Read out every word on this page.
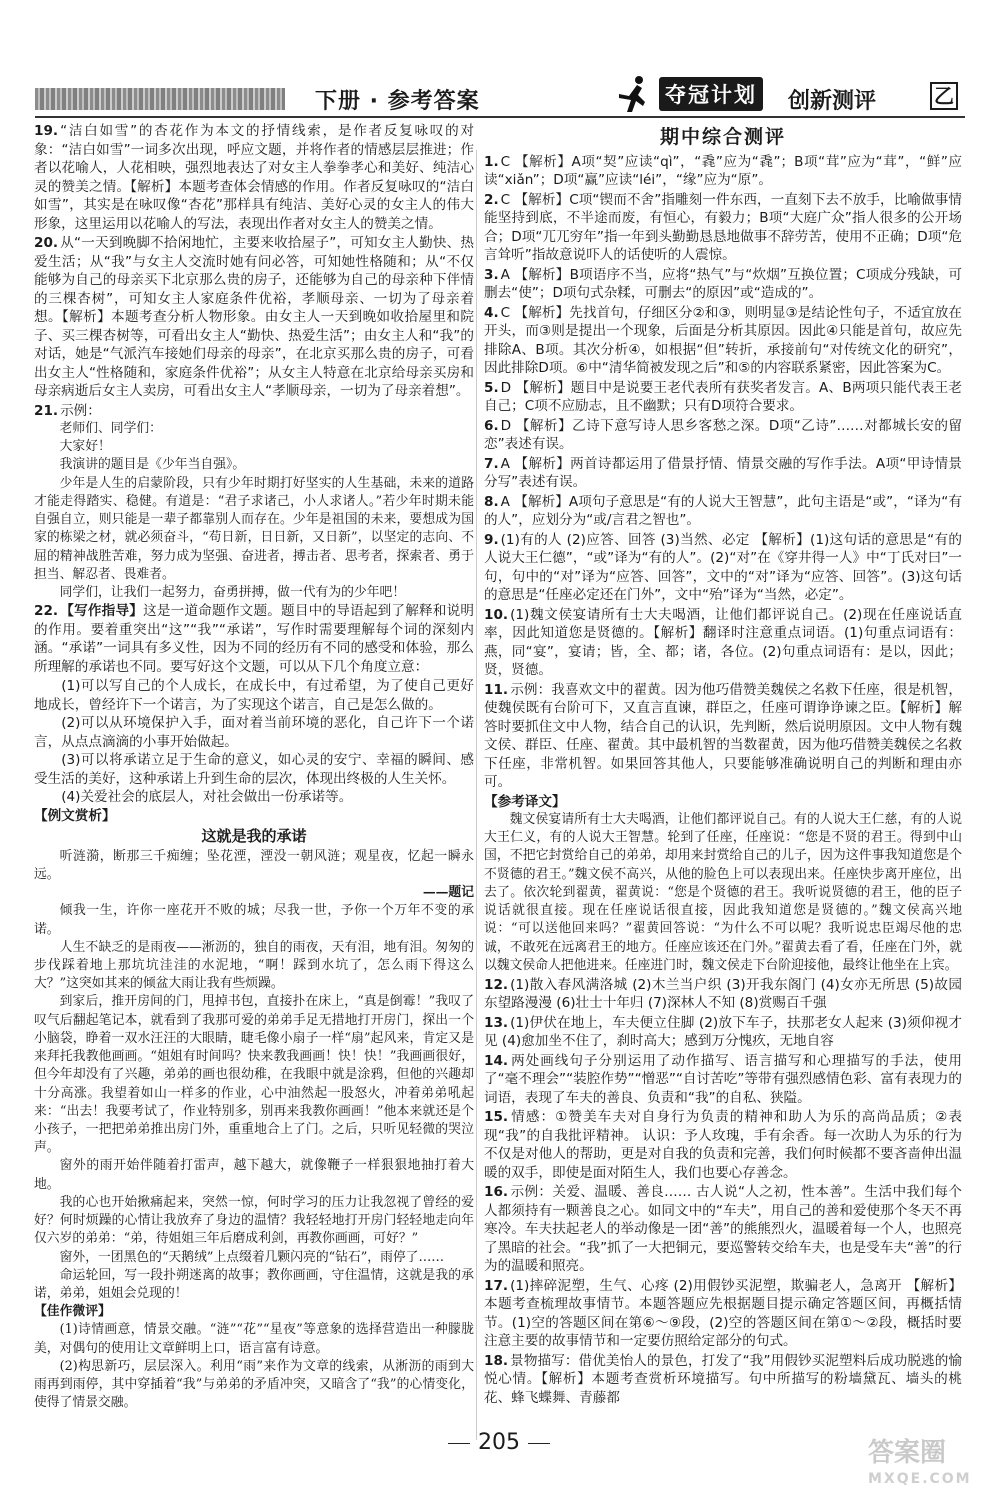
下册 · 参考答案	夺冠计划 创新测评	乙

19. “洁白如雪”的杏花作为本文的抒情线索，是作者反复咏叹的对象：“洁白如雪”一词多次出现，呼应文题，并将作者的情感层层推进；作者以花喻人，人花相映，强烈地表达了对女主人拳拳孝心和美好、纯洁心灵的赞美之情。【解析】本题考查体会情感的作用。作者反复咏叹的“洁白如雪”，其实是在咏叹像“杏花”那样具有纯洁、美好心灵的女主人的伟大形象，这里运用以花喻人的写法，表现出作者对女主人的赞美之情。

20. 从“一天到晚脚不拾闲地忙，主要来收拾屋子”，可知女主人勤快、热爱生活；从“我”与女主人交流时她有问必答，可知她性格随和；从“不仅能够为自己的母亲买下北京那么贵的房子，还能够为自己的母亲种下伴情的三棵杏树”，可知女主人家庭条件优裕，孝顺母亲、一切为了母亲着想。【解析】本题考查分析人物形象。由女主人一天到晚如收拾屋里和院子、买三棵杏树等，可看出女主人“勤快、热爱生活”；由女主人和“我”的对话，她是“气派汽车接她们母亲的母亲”，在北京买那么贵的房子，可看出女主人“性格随和，家庭条件优裕”；从女主人特意在北京给母亲买房和母亲病逝后女主人卖房，可看出女主人“孝顺母亲，一切为了母亲着想”。

21. 示例：

老师们、同学们：

大家好！

我演讲的题目是《少年当自强》。

少年是人生的启蒙阶段，只有少年时期打好坚实的人生基础，未来的道路才能走得踏实、稳健。有道是：“君子求诸己，小人求诸人。”若少年时期未能自强自立，则只能是一辈子都靠别人而存在。少年是祖国的未来，要想成为国家的栋梁之材，就必须奋斗，“苟日新，日日新，又日新”，以坚定的志向、不屈的精神战胜苦难，努力成为坚强、奋进者，搏击者、思考者，探索者、勇于担当、解忍者、畏难者。

同学们，让我们一起努力，奋勇拼搏，做一代有为的少年吧！

22. 【写作指导】这是一道命题作文题。题目中的导语起到了解释和说明的作用。要着重突出“这”“我”“承诺”，写作时需要理解每个词的深刻内涵。“承诺”一词具有多义性，因为不同的经历有不同的感受和体验，那么所理解的承诺也不同。要写好这个文题，可以从下几个角度立意：

(1)可以写自己的个人成长，在成长中，有过希望，为了使自己更好地成长，曾经许下一个诺言，为了实现这个诺言，自己是怎么做的。

(2)可以从环境保护入手，面对着当前环境的恶化，自己许下一个诺言，从点点滴滴的小事开始做起。

(3)可以将承诺立足于生命的意义，如心灵的安宁、幸福的瞬间、感受生活的美好，这种承诺上升到生命的层次，体现出终极的人生关怀。

(4)关爱社会的底层人，对社会做出一份承诺等。

【例文赏析】

这就是我的承诺

听涟漪，断那三千痴缠；坠花湮，湮没一朝风涟；观星夜，忆起一瞬永远。

——题记

倾我一生，许你一座花开不败的城；尽我一世，予你一个万年不变的承诺。

人生不缺乏的是雨夜——淅沥的，独自的雨夜，天有泪，地有泪。匆匆的步伐踩着地上那坑坑洼洼的水泥地，“啊！踩到水坑了，怎么雨下得这么大？”这突如其来的倾盆大雨让我有些烦躁。

到家后，推开房间的门，甩掉书包，直接扑在床上，“真是倒霉！”我叹了叹气后翻起笔记本，就看到了我那可爱的弟弟手足无措地打开房门，探出一个小脑袋，睁着一双水汪汪的大眼睛，睫毛像小扇子一样“扇”起风来，肯定又是来拜托我教他画画。“姐姐有时间吗？快来教我画画！快！快！”我画画很好，但今年却没有了兴趣，弟弟的画也很幼稚，在我眼中就是涂鸦，但他的兴趣却十分高涨。我望着如山一样多的作业，心中油然起一股怒火，冲着弟弟吼起来：“出去！我要考试了，作业特别多，别再来我教你画画！”他本来就还是个小孩子，一把把弟弟推出房门外，重重地合上了门。之后，只听见轻微的哭泣声。

窗外的雨开始伴随着打雷声，越下越大，就像鞭子一样狠狠地抽打着大地。

我的心也开始揪痛起来，突然一惊，何时学习的压力让我忽视了曾经的爱好？何时烦躁的心情让我放弃了身边的温情？我轻轻地打开房门轻轻地走向年仅六岁的弟弟：“弟，待姐姐三年后磨成利剑，再教你画画，可好？”

窗外，一团黑色的“天鹅绒”上点缀着几颗闪亮的“钻石”，雨停了……

命运轮回，写一段扑朔迷离的故事；教你画画，守住温情，这就是我的承诺，弟弟，姐姐会兑现的！

【佳作微评】

(1)诗情画意，情景交融。“涟”“花”“星夜”等意象的选择营造出一种朦胧美，对偶句的使用让文章鲜明上口，语言富有诗意。

(2)构思新巧，层层深入。利用“雨”来作为文章的线索，从淅沥的雨到大雨再到雨停，其中穿插着“我”与弟弟的矛盾冲突，又暗含了“我”的心情变化，使得了情景交融。

期中综合测评

1. C 【解析】A项“契”应读“qì”，“毳”应为“毳”；B项“茸”应为“茸”，“鲜”应读“xiǎn”；D项“赢”应读“léi”，“缘”应为“原”。

2. C 【解析】C项“锲而不舍”指雕刻一件东西，一直刻下去不放手，比喻做事情能坚持到底，不半途而废，有恒心，有毅力；B项“大庭广众”指人很多的公开场合；D项“兀兀穷年”指一年到头勤勤恳恳地做事不辞劳苦，使用不正确；D项“危言耸听”指故意说吓人的话使听的人震惊。

3. A 【解析】B项语序不当，应将“热气”与“炊烟”互换位置；C项成分残缺，可删去“使”；D项句式杂糅，可删去“的原因”或“造成的”。

4. C 【解析】先找首句，仔细区分②和③，则明显③是结论性句子，不适宜放在开头，而③则是提出一个现象，后面是分析其原因。因此④只能是首句，故应先排除A、B项。其次分析④，如根据“但”转折，承接前句“对传统文化的研究”，因此排除D项。⑥中“清华简被发现之后”和⑤的内容联系紧密，因此答案为C。

5. D 【解析】题目中是说要王老代表所有获奖者发言。A、B两项只能代表王老自己；C项不应励志，且不幽默；只有D项符合要求。

6. D 【解析】乙诗下意写诗人思乡客愁之深。D项“乙诗”……对都城长安的留恋”表述有误。

7. A 【解析】两首诗都运用了借景抒情、情景交融的写作手法。A项“甲诗情景分写”表述有误。

8. A 【解析】A项句子意思是“有的人说大王智慧”，此句主语是“或”，“译为“有的人”，应划分为“或/言君之智也”。

9. (1)有的人 (2)应答、回答 (3)当然、必定 【解析】(1)这句话的意思是“有的人说大王仁德”，“或”译为“有的人”。(2)“对”在《穿井得一人》中“丁氏对曰”一句，句中的“对”译为“应答、回答”，文中的“对”译为“应答、回答”。(3)这句话的意思是“任座必定还在门外”，文中“殆”译为“当然，必定”。

10. (1)魏文侯宴请所有士大夫喝酒，让他们都评说自己。(2)现在任座说话直率，因此知道您是贤德的。【解析】翻译时注意重点词语。(1)句重点词语有：燕，同“宴”，宴请；皆，全、都；诸，各位。(2)句重点词语有：是以，因此；贤，贤德。

11. 示例：我喜欢文中的翟黄。因为他巧借赞美魏侯之名救下任座，很是机智，使魏侯既有台阶可下，又直言直谏，群臣之，任座可谓诤诤谏之臣。【解析】解答时要抓住文中人物，结合自己的认识，先判断，然后说明原因。文中人物有魏文侯、群臣、任座、翟黄。其中最机智的当数翟黄，因为他巧借赞美魏侯之名救下任座，非常机智。如果回答其他人，只要能够准确说明自己的判断和理由亦可。

【参考译文】

魏文侯宴请所有士大夫喝酒，让他们都评说自己。有的人说大王仁慈，有的人说大王仁义，有的人说大王智慧。轮到了任座，任座说：“您是不贤的君王。得到中山国，不把它封赏给自己的弟弟，却用来封赏给自己的儿子，因为这件事我知道您是个不贤德的君王。”魏文侯不高兴，从他的脸色上可以表现出来。任座快步离开座位，出去了。依次轮到翟黄，翟黄说：“您是个贤德的君王。我听说贤德的君王，他的臣子说话就很直接。现在任座说话很直接，因此我知道您是贤德的。”魏文侯高兴地说：“可以送他回来吗？”翟黄回答说：“为什么不可以呢？我听说忠臣竭尽他的忠诚，不敢死在远离君王的地方。任座应该还在门外。”翟黄去看了看，任座在门外，就以魏文侯命人把他进来。任座进门时，魏文侯走下台阶迎接他，最终让他坐在上宾。

12. (1)散入春风满洛城 (2)木兰当户织 (3)开我东阁门 (4)女亦无所思 (5)故园东望路漫漫 (6)壮士十年归 (7)深林人不知 (8)赏赐百千强

13. (1)伊伏在地上，车夫便立住脚 (2)放下车子，扶那老女人起来 (3)须仰视才见 (4)愈加坐不住了，刹时高大；感到万分愧疚，无地自容

14. 两处画线句子分别运用了动作描写、语言描写和心理描写的手法，使用了“毫不理会”“装腔作势”“憎恶”“自讨苦吃”等带有强烈感情色彩、富有表现力的词语，表现了车夫的善良、负责和“我”的自私、狭隘。

15. 情感：①赞美车夫对自身行为负责的精神和助人为乐的高尚品质；②表现“我”的自我批评精神。 认识：予人玫瑰，手有余香。每一次助人为乐的行为不仅是对他人的帮助，更是对自我的负责和完善，我们何时候都不要吝啬伸出温暖的双手，即使是面对陌生人，我们也要心存善念。

16. 示例：关爱、温暖、善良…… 古人说“人之初，性本善”。生活中我们每个人都须持有一颗善良之心。如同文中的“车夫”，用自己的善和爱使那个冬天不再寒冷。车夫扶起老人的举动像是一团“善”的熊熊烈火，温暖着每一个人，也照亮了黑暗的社会。“我”抓了一大把铜元，要巡警转交给车夫，也是受车夫“善”的行为的温暖和照亮。

17. (1)摔碎泥塑，生气、心疼 (2)用假钞买泥塑，欺骗老人，急离开 【解析】本题考查梳理故事情节。本题答题应先根据题目提示确定答题区间，再概括情节。(1)空的答题区间在第⑥～⑨段，(2)空的答题区间在第①～②段，概括时要注意主要的故事情节和一定要仿照给定部分的句式。

18. 景物描写：借优美怡人的景色，打发了“我”用假钞买泥塑料后成功脱逃的愉悦心情。【解析】本题考查赏析环境描写。句中所描写的粉墙黛瓦、墙头的桃花、蜂飞蝶舞、青藤都

205	答案圈
MXQE.COM
